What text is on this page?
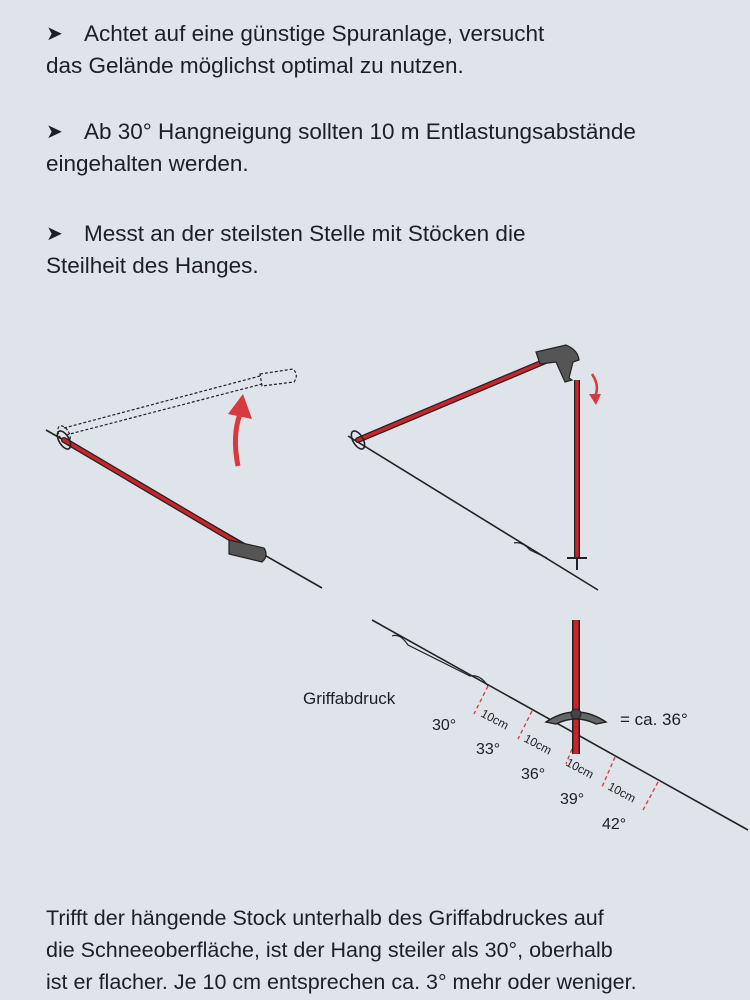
➤ Achtet auf eine günstige Spuranlage, versucht
das Gelände möglichst optimal zu nutzen.
➤ Ab 30° Hangneigung sollten 10 m Entlastungsabstände
eingehalten werden.
➤ Messt an der steilsten Stelle mit Stöcken die
Steilheit des Hanges.
Griffabdruck
= ca. 36°
30°
33°
36°
39°
42°
10cm
10cm
10cm
10cm

Trifft der hängende Stock unterhalb des Griffabdruckes auf

die Schneeoberfläche, ist der Hang steiler als 30°, oberhalb

ist er flacher. Je 10 cm entsprechen ca. 3° mehr oder weniger.
